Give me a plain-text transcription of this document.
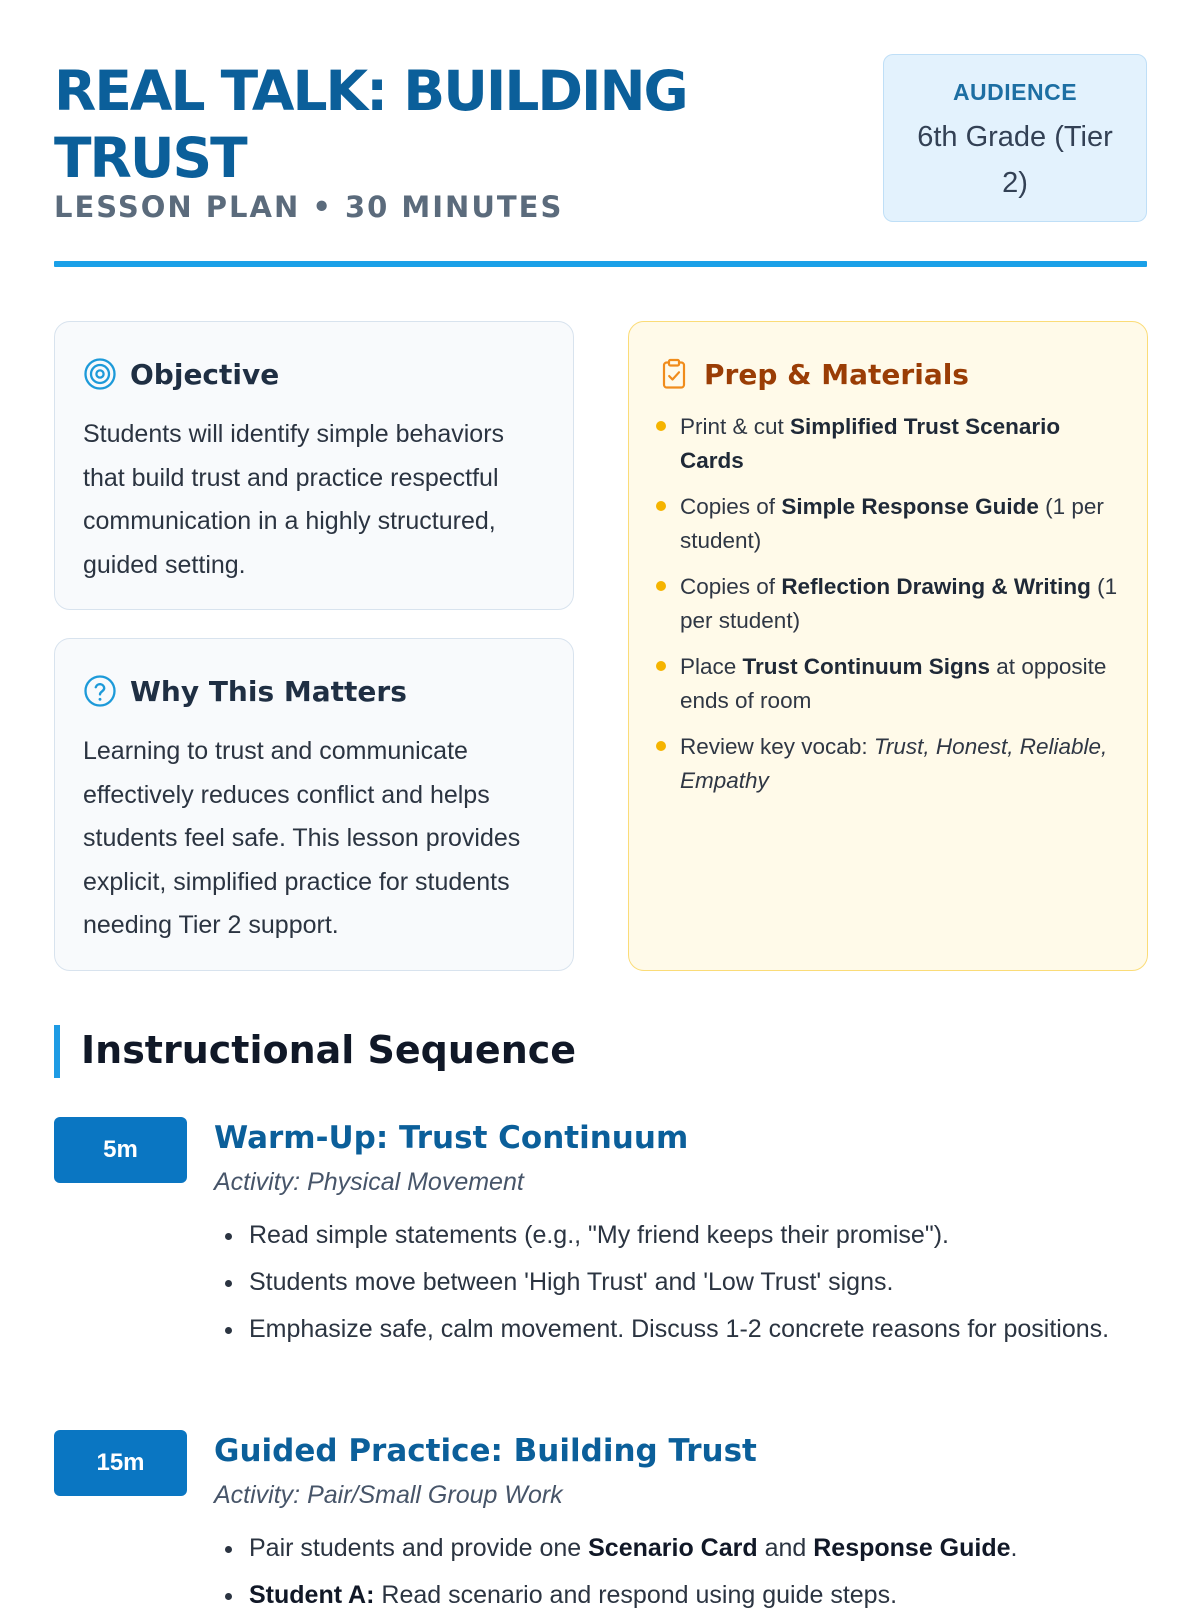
REAL TALK: BUILDING TRUST
LESSON PLAN • 30 MINUTES
AUDIENCE
6th Grade (Tier 2)
Objective

Students will identify simple behaviors that build trust and practice respectful communication in a highly structured, guided setting.

Why This Matters

Learning to trust and communicate effectively reduces conflict and helps students feel safe. This lesson provides explicit, simplified practice for students needing Tier 2 support.

Prep & Materials
Print & cut Simplified Trust Scenario Cards
Copies of Simple Response Guide (1 per student)
Copies of Reflection Drawing & Writing (1 per student)
Place Trust Continuum Signs at opposite ends of room
Review key vocab: Trust, Honest, Reliable, Empathy
Instructional Sequence
5m	Warm-Up: Trust Continuum

Activity: Physical Movement

• Read simple statements (e.g., "My friend keeps their promise").
• Students move between 'High Trust' and 'Low Trust' signs.
• Emphasize safe, calm movement. Discuss 1-2 concrete reasons for positions.
15m	Guided Practice: Building Trust

Activity: Pair/Small Group Work

• Pair students and provide one Scenario Card and Response Guide.
• Student A: Read scenario and respond using guide steps.
